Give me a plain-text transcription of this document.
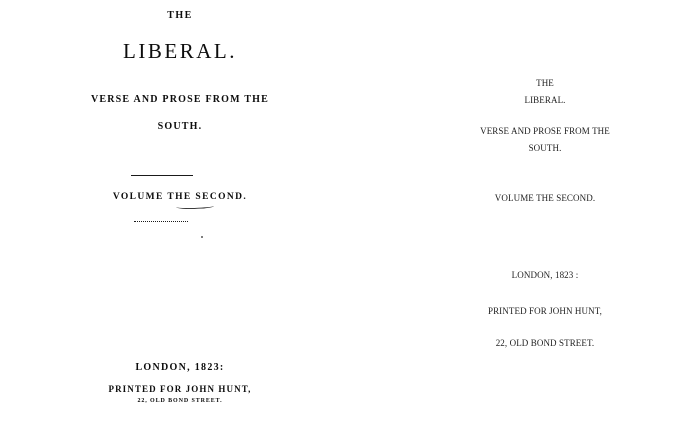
THE
LIBERAL.
VERSE AND PROSE FROM THE
SOUTH.
VOLUME THE SECOND.
LONDON, 1823:
PRINTED FOR JOHN HUNT,
22, OLD BOND STREET.
THE
LIBERAL.
VERSE AND PROSE FROM THE
SOUTH.
VOLUME THE SECOND.
LONDON, 1823 :
PRINTED FOR JOHN HUNT,
22, OLD BOND STREET.
